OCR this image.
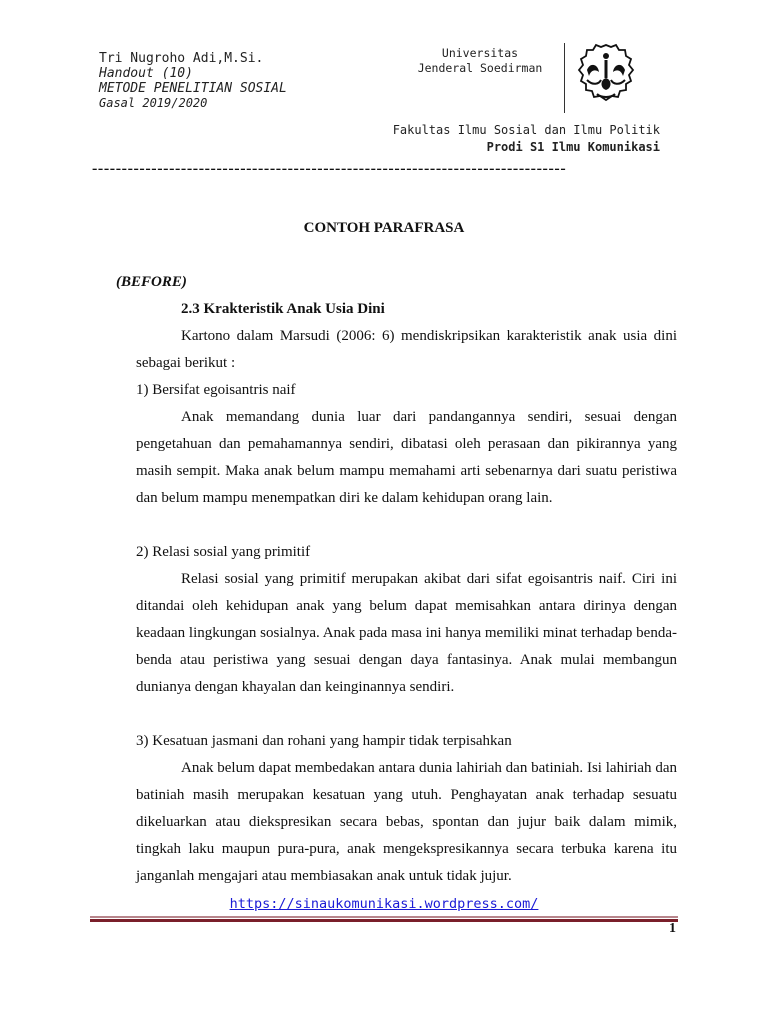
Tri Nugroho Adi,M.Si.
Handout (10)
METODE PENELITIAN SOSIAL
Gasal 2019/2020
Universitas
Jenderal Soedirman
Fakultas Ilmu Sosial dan Ilmu Politik
Prodi S1 Ilmu Komunikasi
--------------------------------------------------------------------------------
CONTOH PARAFRASA
(BEFORE)
2.3 Krakteristik Anak Usia Dini

Kartono dalam Marsudi (2006: 6) mendiskripsikan karakteristik anak usia dini sebagai berikut :

1) Bersifat egoisantris naif

Anak memandang dunia luar dari pandangannya sendiri, sesuai dengan pengetahuan dan pemahamannya sendiri, dibatasi oleh perasaan dan pikirannya yang masih sempit. Maka anak belum mampu memahami arti sebenarnya dari suatu peristiwa dan belum mampu menempatkan diri ke dalam kehidupan orang lain.

2) Relasi sosial yang primitif

Relasi sosial yang primitif merupakan akibat dari sifat egoisantris naif. Ciri ini ditandai oleh kehidupan anak yang belum dapat memisahkan antara dirinya dengan keadaan lingkungan sosialnya. Anak pada masa ini hanya memiliki minat terhadap benda-benda atau peristiwa yang sesuai dengan daya fantasinya. Anak mulai membangun dunianya dengan khayalan dan keinginannya sendiri.

3) Kesatuan jasmani dan rohani yang hampir tidak terpisahkan

Anak belum dapat membedakan antara dunia lahiriah dan batiniah. Isi lahiriah dan batiniah masih merupakan kesatuan yang utuh. Penghayatan anak terhadap sesuatu dikeluarkan atau diekspresikan secara bebas, spontan dan jujur baik dalam mimik, tingkah laku maupun pura-pura, anak mengekspresikannya secara terbuka karena itu janganlah mengajari atau membiasakan anak untuk tidak jujur.

https://sinaukomunikasi.wordpress.com/
1
